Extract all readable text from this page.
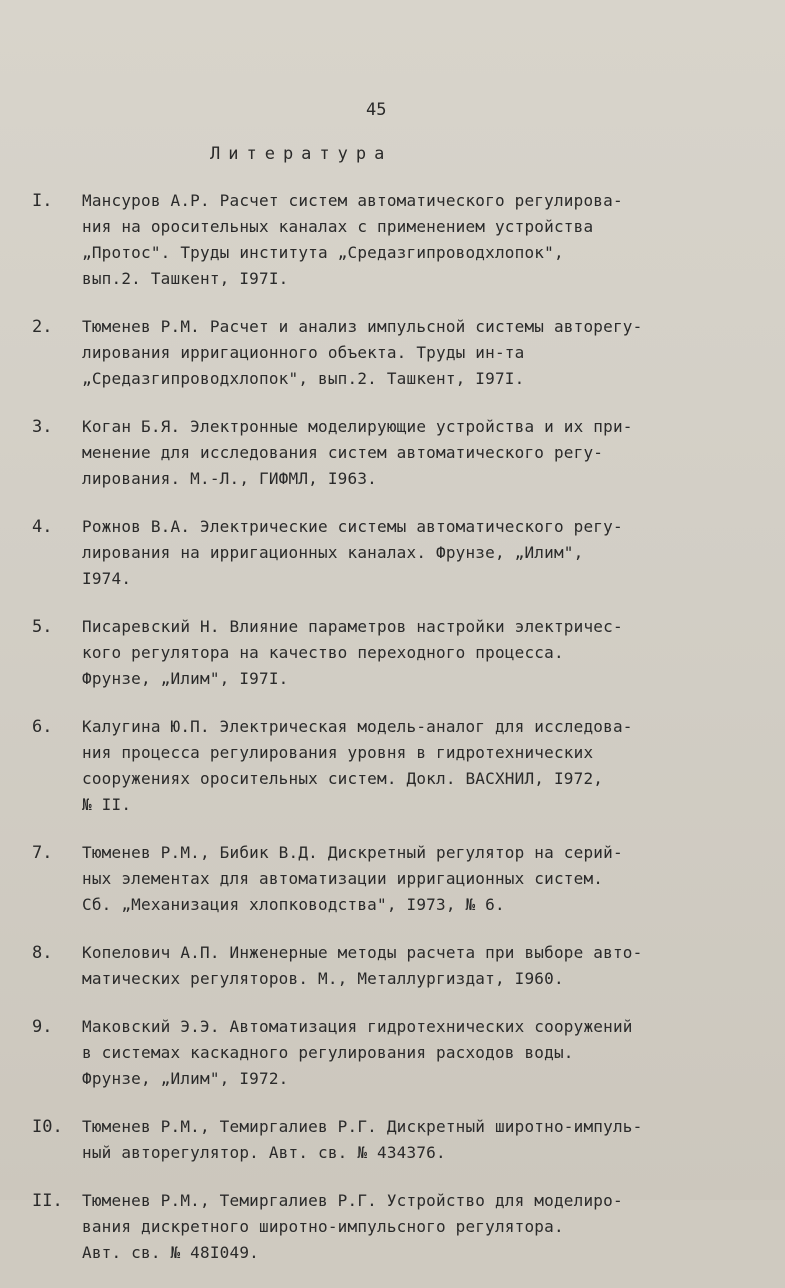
45
Литература
I.	Мансуров А.Р. Расчет систем автоматического регулирова-
ния на оросительных каналах с применением устройства
„Протос". Труды института „Средазгипроводхлопок",
вып.2. Ташкент, I97I.
2.	Тюменев Р.М. Расчет и анализ импульсной системы авторегу-
лирования ирригационного объекта. Труды ин-та
„Средазгипроводхлопок", вып.2. Ташкент, I97I.
3.	Коган Б.Я. Электронные моделирующие устройства и их при-
менение для исследования систем автоматического регу-
лирования. М.-Л., ГИФМЛ, I963.
4.	Рожнов В.А. Электрические системы автоматического регу-
лирования на ирригационных каналах. Фрунзе, „Илим",
I974.
5.	Писаревский Н. Влияние параметров настройки электричес-
кого регулятора на качество переходного процесса.
Фрунзе, „Илим", I97I.
6.	Калугина Ю.П. Электрическая модель-аналог для исследова-
ния процесса регулирования уровня в гидротехнических
сооружениях оросительных систем. Докл. ВАСХНИЛ, I972,
№ II.
7.	Тюменев Р.М., Бибик В.Д. Дискретный регулятор на серий-
ных элементах для автоматизации ирригационных систем.
Сб. „Механизация хлопководства", I973, № 6.
8.	Копелович А.П. Инженерные методы расчета при выборе авто-
матических регуляторов. М., Металлургиздат, I960.
9.	Маковский Э.Э. Автоматизация гидротехнических сооружений
в системах каскадного регулирования расходов воды.
Фрунзе, „Илим", I972.
I0.	Тюменев Р.М., Темиргалиев Р.Г. Дискретный широтно-импуль-
ный авторегулятор. Авт. св. № 434376.
II.	Тюменев Р.М., Темиргалиев Р.Г. Устройство для моделиро-
вания дискретного широтно-импульсного регулятора.
Авт. св. № 48I049.
